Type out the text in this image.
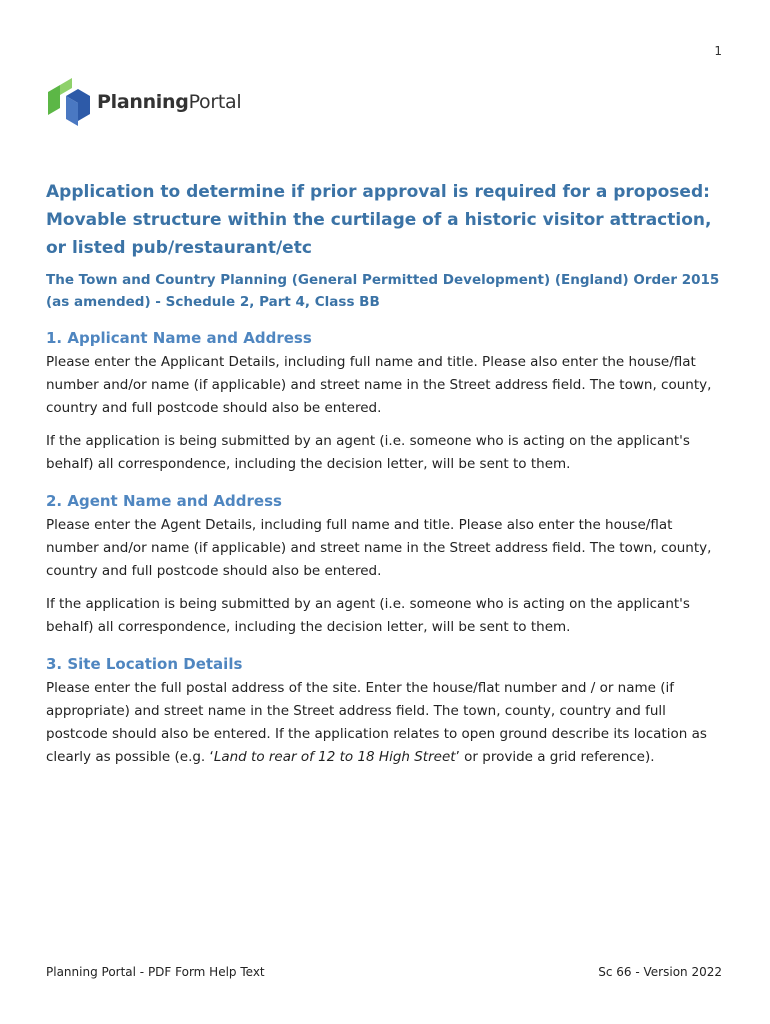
1
PlanningPortal
Application to determine if prior approval is required for a proposed: Movable structure within the curtilage of a historic visitor attraction, or listed pub/restaurant/etc
The Town and Country Planning (General Permitted Development) (England) Order 2015 (as amended) - Schedule 2, Part 4, Class BB
1. Applicant Name and Address

Please enter the Applicant Details, including full name and title. Please also enter the house/flat number and/or name (if applicable) and street name in the Street address field. The town, county, country and full postcode should also be entered.

If the application is being submitted by an agent (i.e. someone who is acting on the applicant's behalf) all correspondence, including the decision letter, will be sent to them.

2. Agent Name and Address

Please enter the Agent Details, including full name and title. Please also enter the house/flat number and/or name (if applicable) and street name in the Street address field. The town, county, country and full postcode should also be entered.

If the application is being submitted by an agent (i.e. someone who is acting on the applicant's behalf) all correspondence, including the decision letter, will be sent to them.

3. Site Location Details

Please enter the full postal address of the site. Enter the house/flat number and / or name (if appropriate) and street name in the Street address field. The town, county, country and full postcode should also be entered. If the application relates to open ground describe its location as clearly as possible (e.g. ‘Land to rear of 12 to 18 High Street’ or provide a grid reference).

Planning Portal - PDF Form Help Text	Sc 66 - Version 2022
